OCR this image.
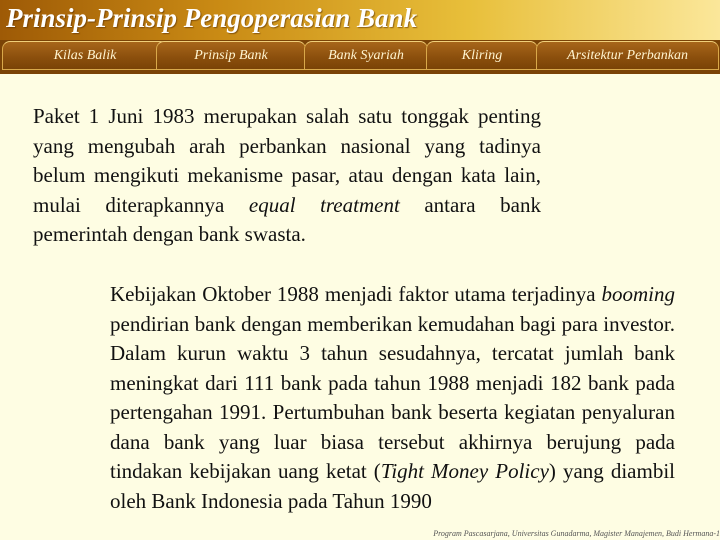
Prinsip-Prinsip Pengoperasian Bank
Kilas Balik	Prinsip Bank	Bank Syariah	Kliring	Arsitektur Perbankan

Paket 1 Juni 1983 merupakan salah satu tonggak penting yang mengubah arah perbankan nasional yang tadinya belum mengikuti mekanisme pasar, atau dengan kata lain, mulai diterapkannya equal treatment antara bank pemerintah dengan bank swasta.

Kebijakan Oktober 1988 menjadi faktor utama terjadinya booming pendirian bank dengan memberikan kemudahan bagi para investor. Dalam kurun waktu 3 tahun sesudahnya, tercatat jumlah bank meningkat dari 111 bank pada tahun 1988 menjadi 182 bank pada pertengahan 1991. Pertumbuhan bank beserta kegiatan penyaluran dana bank yang luar biasa tersebut akhirnya berujung pada tindakan kebijakan uang ketat (Tight Money Policy) yang diambil oleh Bank Indonesia pada Tahun 1990

Program Pascasarjana, Universitas Gunadarma, Magister Manajemen, Budi Hermana-1
